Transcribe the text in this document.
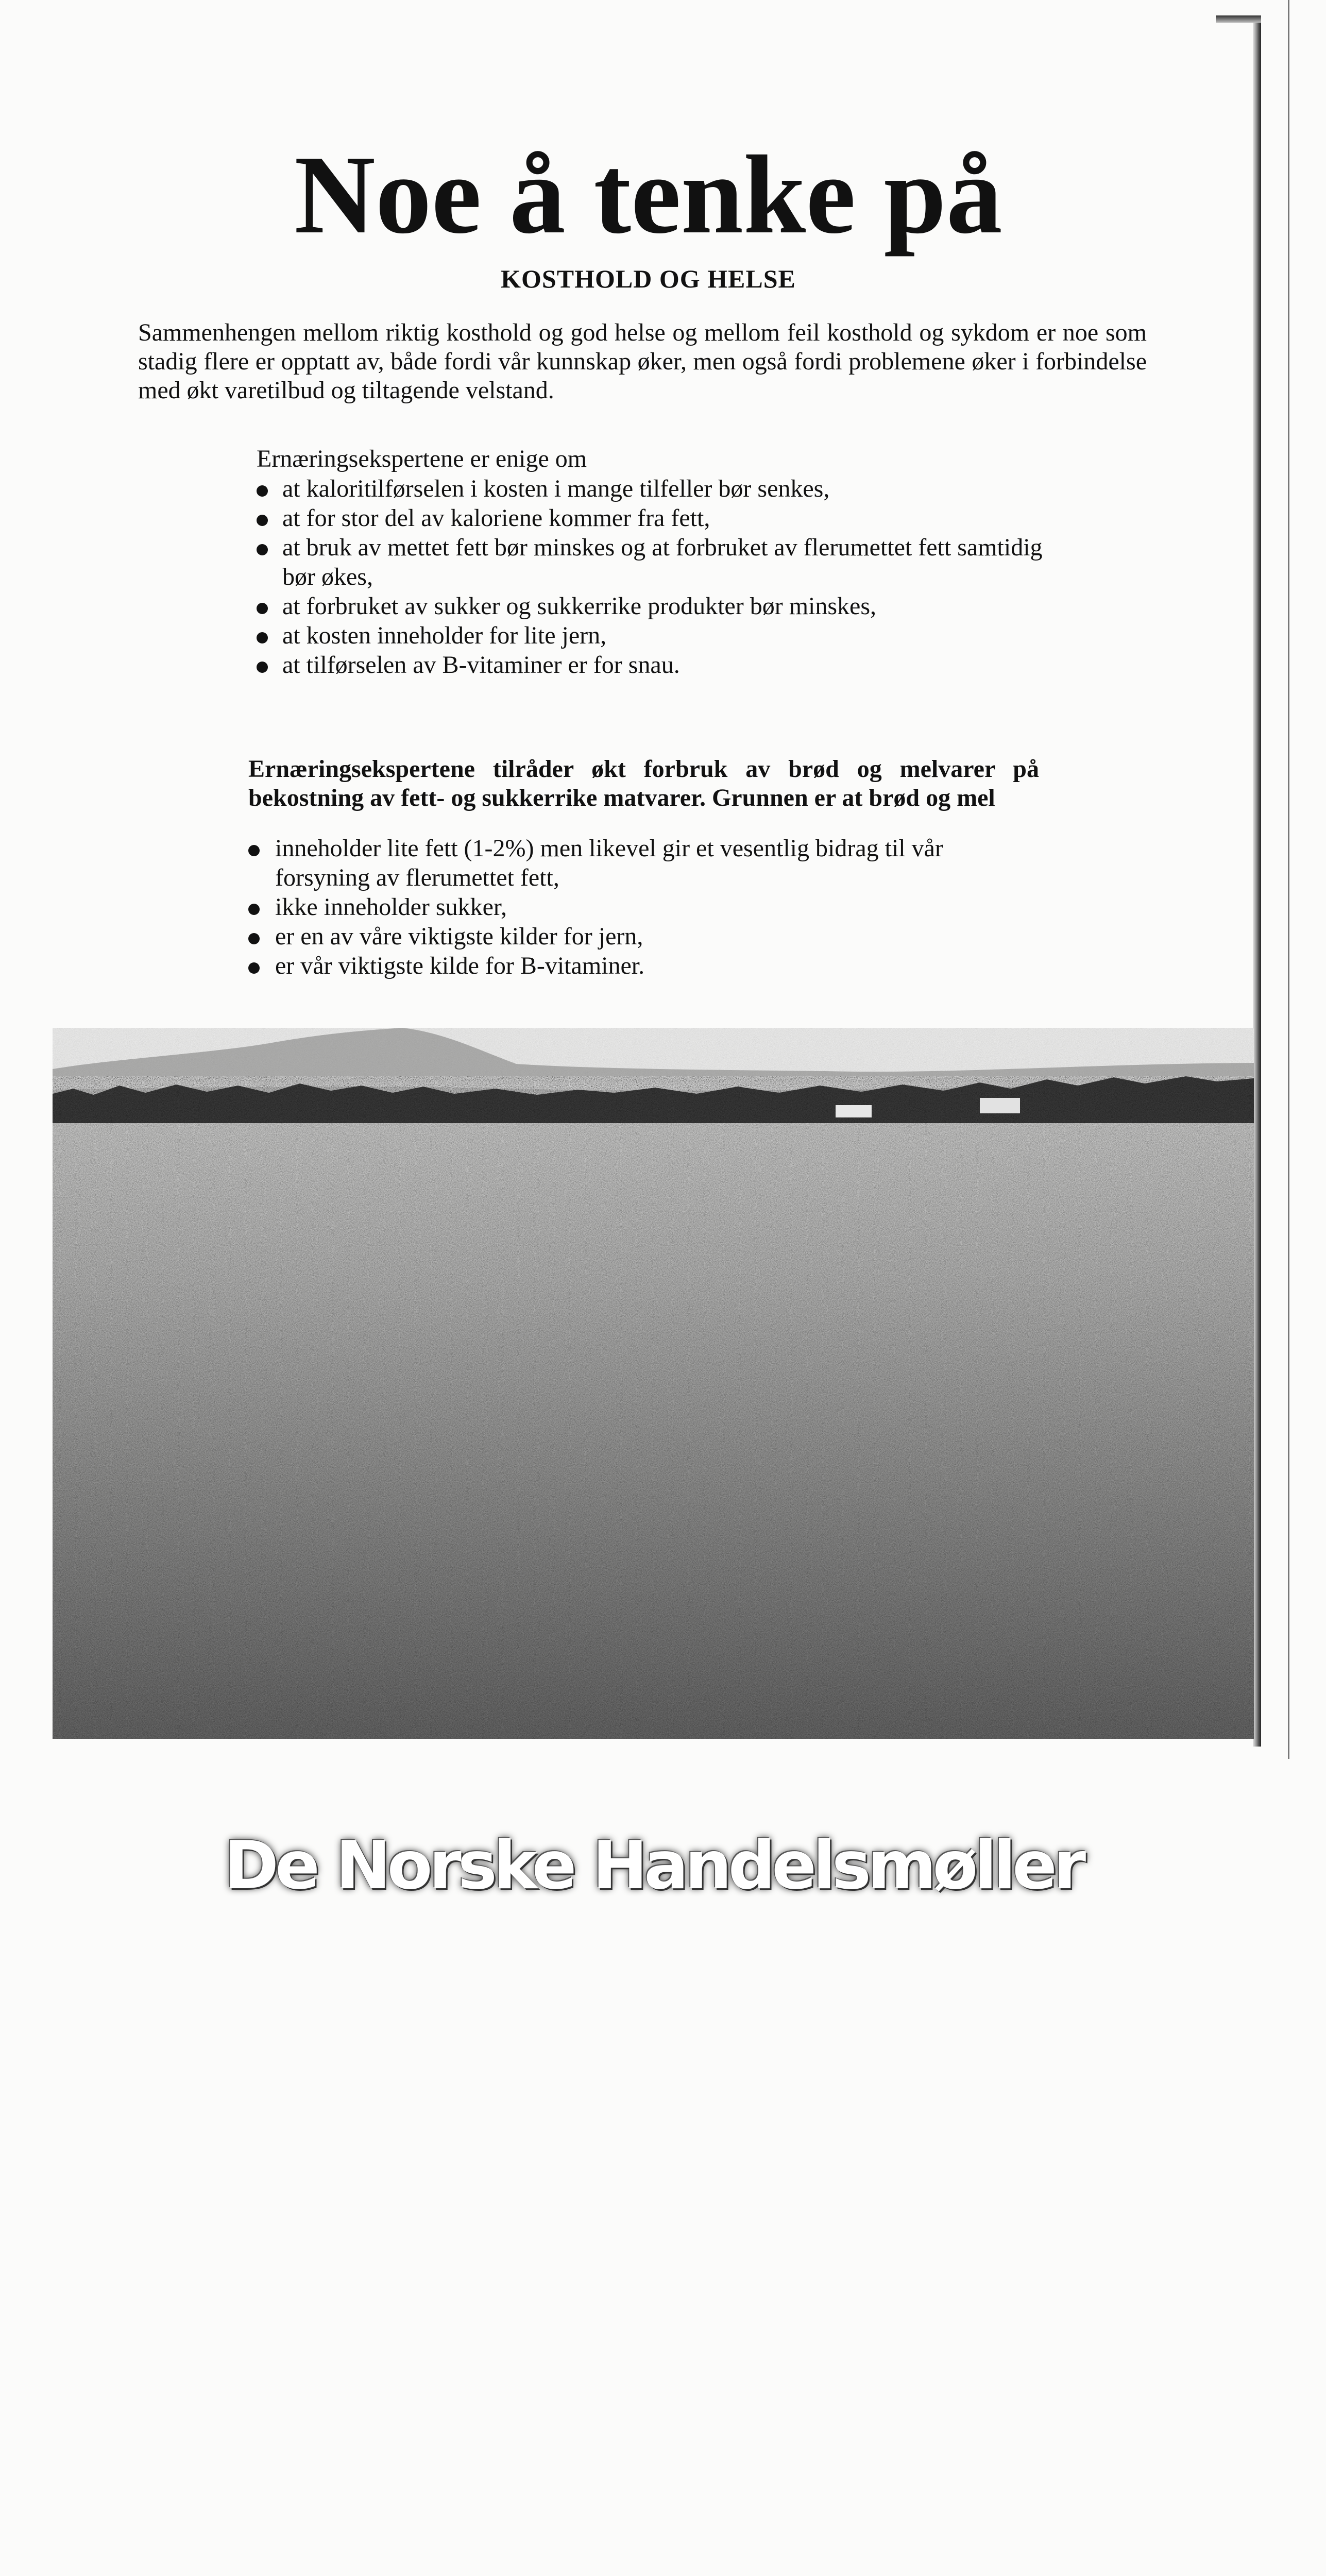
Noe å tenke på
KOSTHOLD OG HELSE

Sammenhengen mellom riktig kosthold og god helse og mellom feil kosthold og sykdom er noe som stadig flere er opptatt av, både fordi vår kunnskap øker, men også fordi problemene øker i forbindelse med økt varetilbud og tiltagende velstand.

Ernæringsekspertene er enige om

at kaloritilførselen i kosten i mange tilfeller bør senkes,
at for stor del av kaloriene kommer fra fett,
at bruk av mettet fett bør minskes og at forbruket av flerumettet fett samtidig bør økes,
at forbruket av sukker og sukkerrike produkter bør minskes,
at kosten inneholder for lite jern,
at tilførselen av B-vitaminer er for snau.

Ernæringsekspertene tilråder økt forbruk av brød og melvarer på bekostning av fett- og sukkerrike matvarer. Grunnen er at brød og mel

inneholder lite fett (1-2%) men likevel gir et vesentlig bidrag til vår forsyning av flerumettet fett,
ikke inneholder sukker,
er en av våre viktigste kilder for jern,
er vår viktigste kilde for B-vitaminer.
De Norske Handelsmøller
